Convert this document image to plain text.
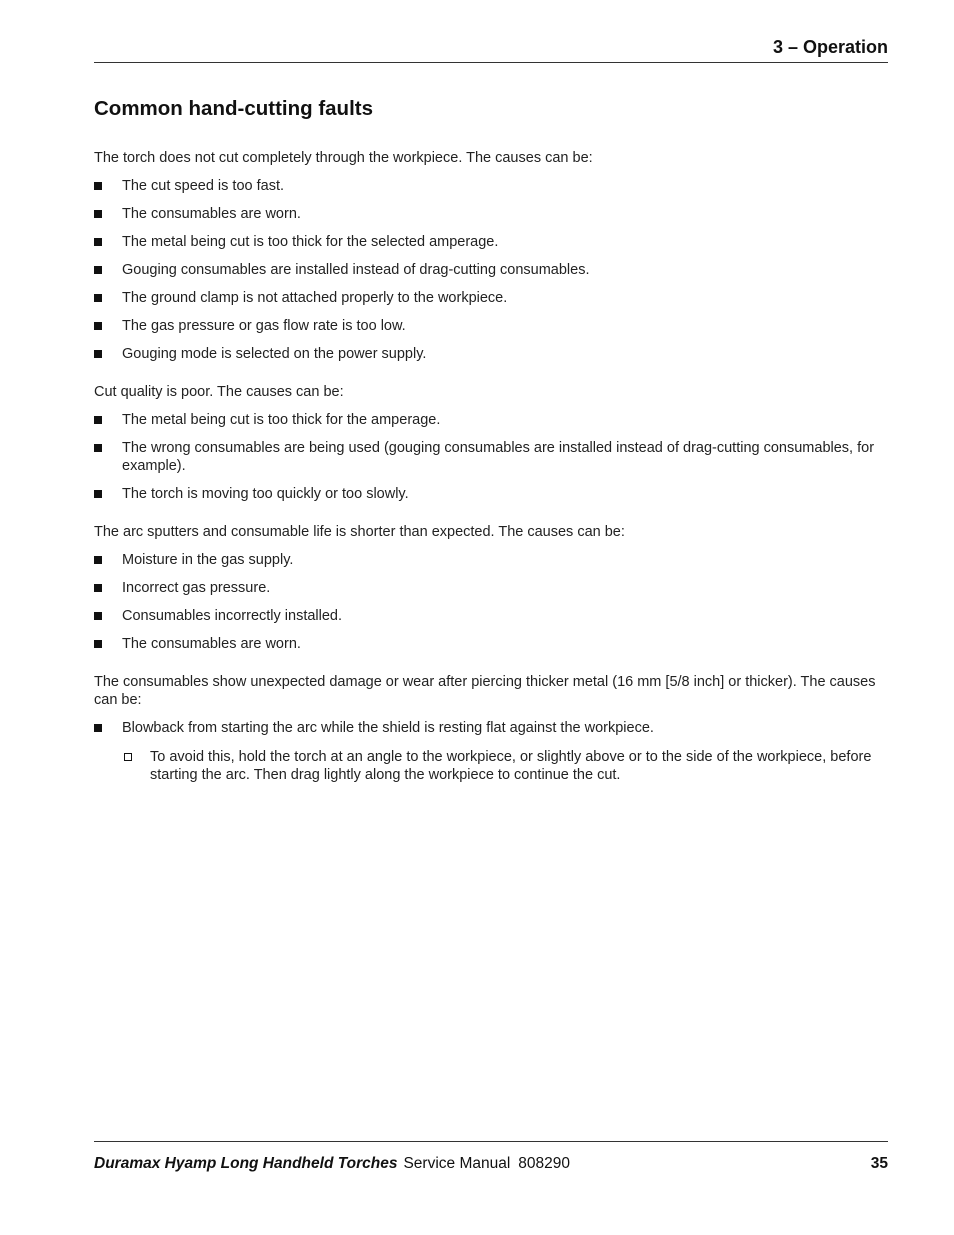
3 – Operation
Common hand-cutting faults

The torch does not cut completely through the workpiece. The causes can be:

The cut speed is too fast.
The consumables are worn.
The metal being cut is too thick for the selected amperage.
Gouging consumables are installed instead of drag-cutting consumables.
The ground clamp is not attached properly to the workpiece.
The gas pressure or gas flow rate is too low.
Gouging mode is selected on the power supply.

Cut quality is poor. The causes can be:

The metal being cut is too thick for the amperage.
The wrong consumables are being used (gouging consumables are installed instead of drag-cutting consumables, for example).
The torch is moving too quickly or too slowly.

The arc sputters and consumable life is shorter than expected. The causes can be:

Moisture in the gas supply.
Incorrect gas pressure.
Consumables incorrectly installed.
The consumables are worn.

The consumables show unexpected damage or wear after piercing thicker metal (16 mm [5/8 inch] or thicker). The causes can be:

Blowback from starting the arc while the shield is resting flat against the workpiece.
To avoid this, hold the torch at an angle to the workpiece, or slightly above or to the side of the workpiece, before starting the arc. Then drag lightly along the workpiece to continue the cut.
Duramax Hyamp Long Handheld Torches Service Manual 808290	35
